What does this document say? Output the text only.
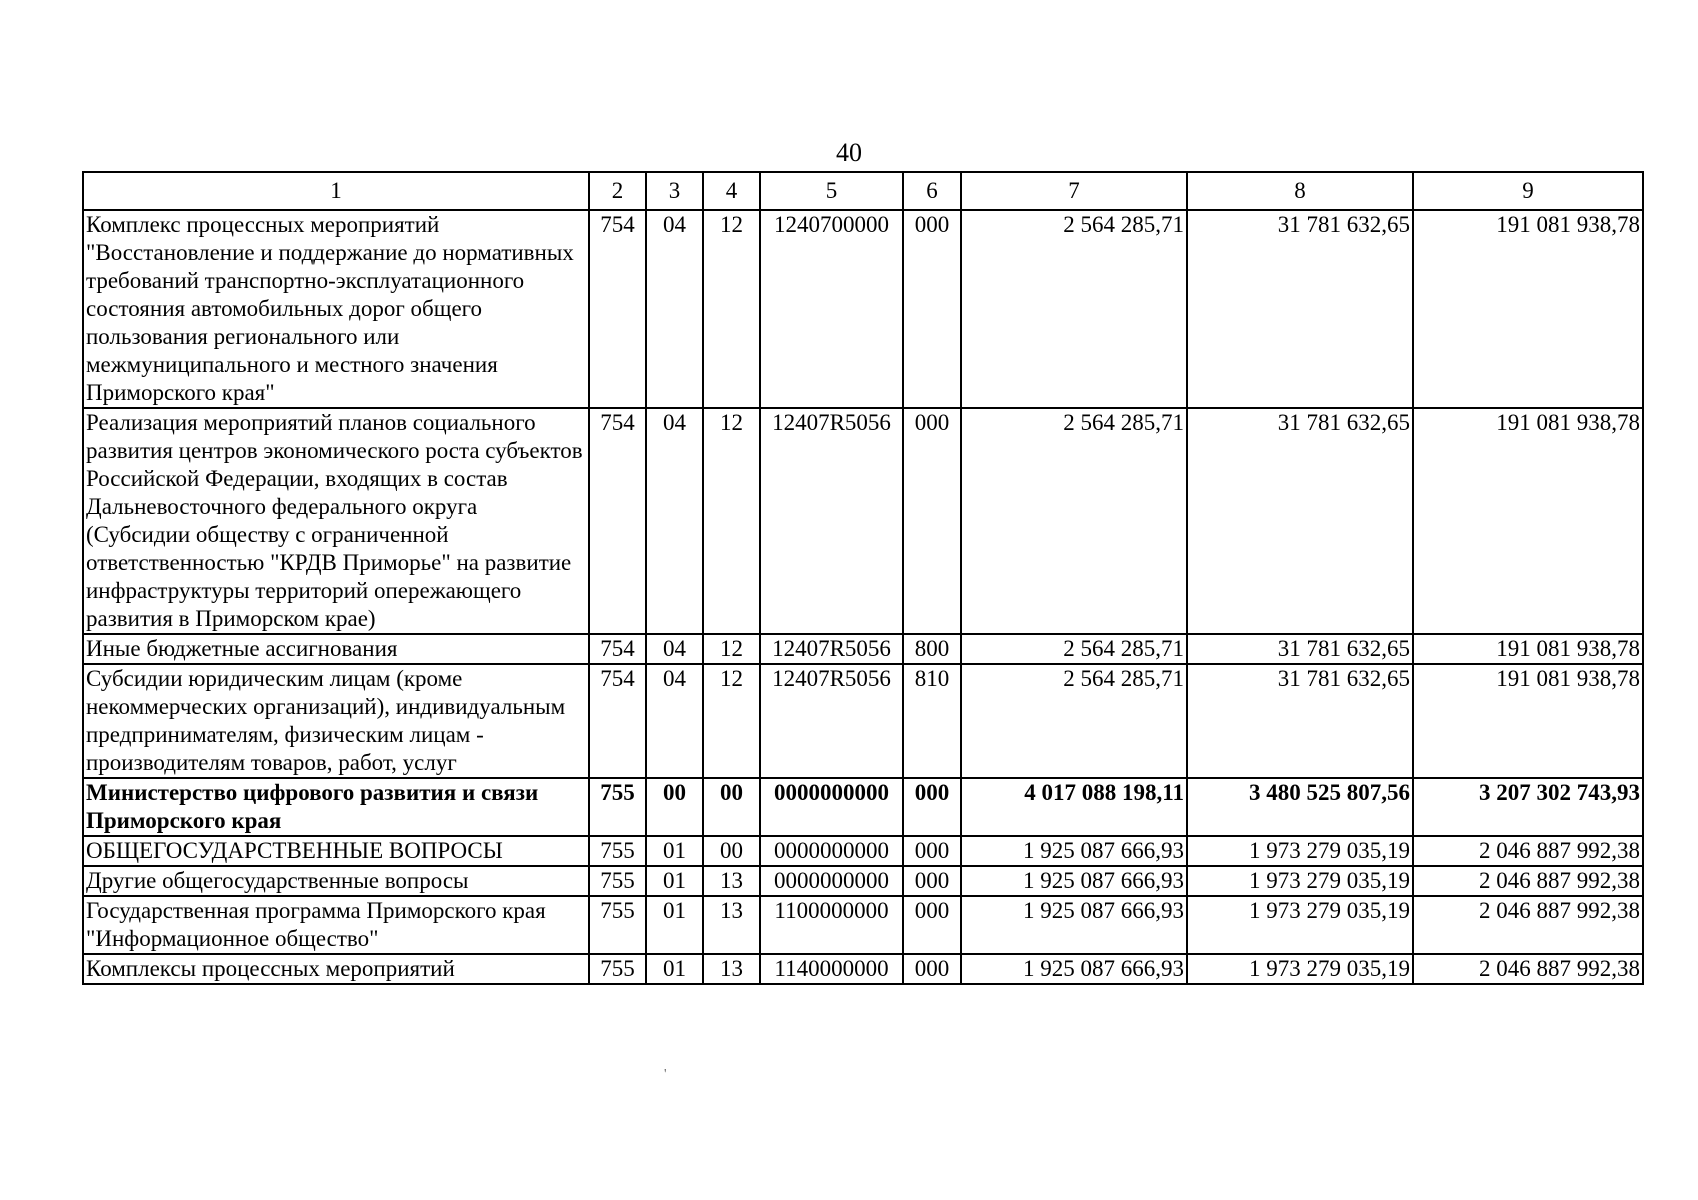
40
1	2	3	4	5	6	7	8	9
Комплекс процессных мероприятий "Восстановление и поддержание до нормативных требований транспортно-эксплуатационного состояния автомобильных дорог общего пользования регионального или межмуниципального и местного значения Приморского края"	754	04	12	1240700000	000	2 564 285,71	31 781 632,65	191 081 938,78
Реализация мероприятий планов социального развития центров экономического роста субъектов Российской Федерации, входящих в состав Дальневосточного федерального округа (Субсидии обществу с ограниченной ответственностью "КРДВ Приморье" на развитие инфраструктуры территорий опережающего развития в Приморском крае)	754	04	12	12407R5056	000	2 564 285,71	31 781 632,65	191 081 938,78
Иные бюджетные ассигнования	754	04	12	12407R5056	800	2 564 285,71	31 781 632,65	191 081 938,78
Субсидии юридическим лицам (кроме некоммерческих организаций), индивидуальным предпринимателям, физическим лицам - производителям товаров, работ, услуг	754	04	12	12407R5056	810	2 564 285,71	31 781 632,65	191 081 938,78
Министерство цифрового развития и связи Приморского края	755	00	00	0000000000	000	4 017 088 198,11	3 480 525 807,56	3 207 302 743,93
ОБЩЕГОСУДАРСТВЕННЫЕ ВОПРОСЫ	755	01	00	0000000000	000	1 925 087 666,93	1 973 279 035,19	2 046 887 992,38
Другие общегосударственные вопросы	755	01	13	0000000000	000	1 925 087 666,93	1 973 279 035,19	2 046 887 992,38
Государственная программа Приморского края "Информационное общество"	755	01	13	1100000000	000	1 925 087 666,93	1 973 279 035,19	2 046 887 992,38
Комплексы процессных мероприятий	755	01	13	1140000000	000	1 925 087 666,93	1 973 279 035,19	2 046 887 992,38
'
